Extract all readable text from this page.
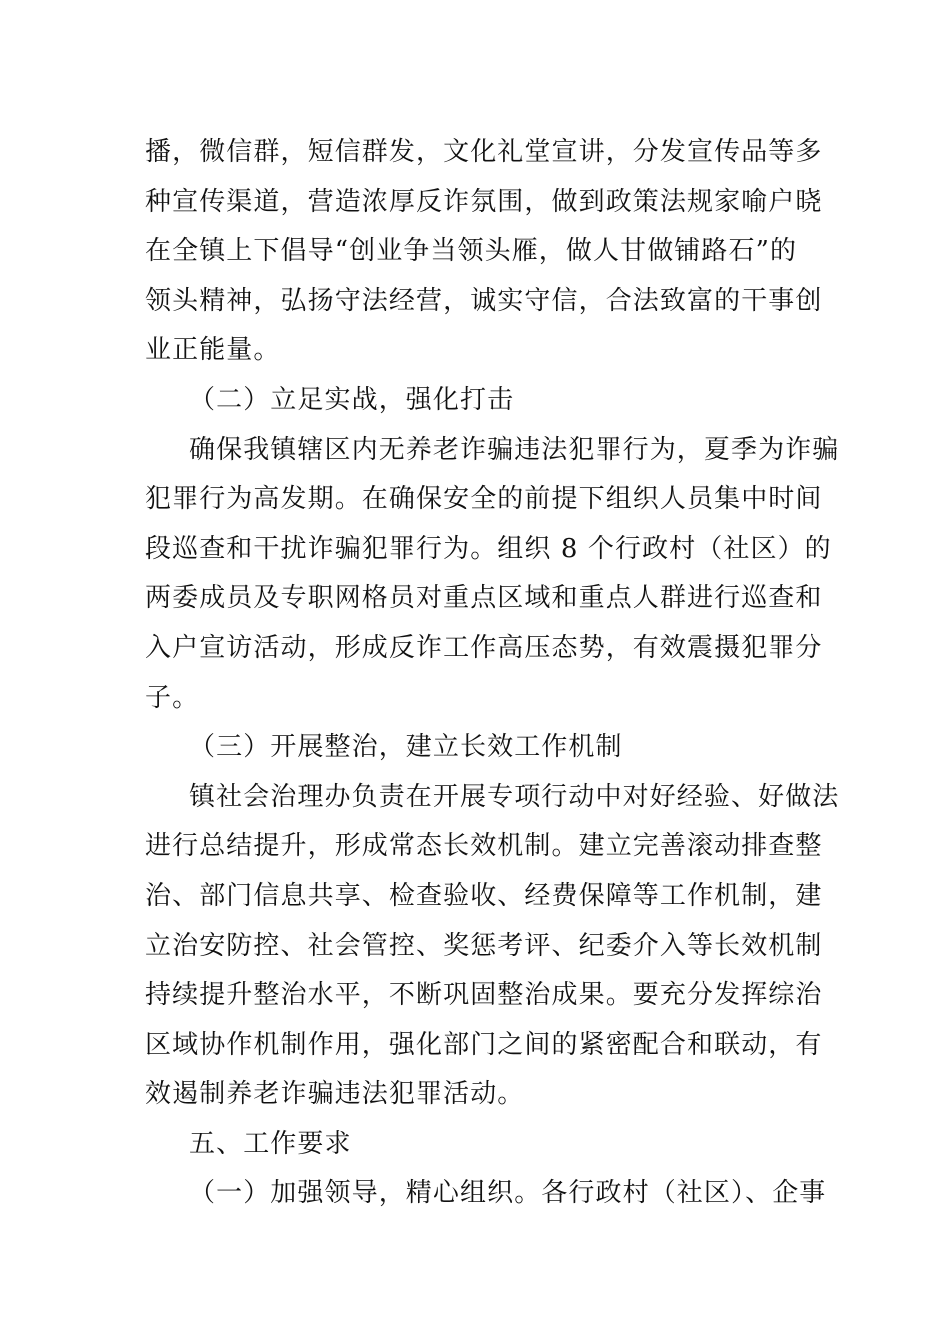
播，微信群，短信群发，文化礼堂宣讲，分发宣传品等多
种宣传渠道，营造浓厚反诈氛围，做到政策法规家喻户晓
在全镇上下倡导“创业争当领头雁，做人甘做铺路石”的
领头精神，弘扬守法经营，诚实守信，合法致富的干事创
业正能量。
（二）立足实战，强化打击
确保我镇辖区内无养老诈骗违法犯罪行为，夏季为诈骗
犯罪行为高发期。在确保安全的前提下组织人员集中时间
段巡查和干扰诈骗犯罪行为。组织 8 个行政村（社区）的
两委成员及专职网格员对重点区域和重点人群进行巡查和
入户宣访活动，形成反诈工作高压态势，有效震摄犯罪分
子。
（三）开展整治，建立长效工作机制
镇社会治理办负责在开展专项行动中对好经验、好做法
进行总结提升，形成常态长效机制。建立完善滚动排查整
治、部门信息共享、检查验收、经费保障等工作机制，建
立治安防控、社会管控、奖惩考评、纪委介入等长效机制
持续提升整治水平，不断巩固整治成果。要充分发挥综治
区域协作机制作用，强化部门之间的紧密配合和联动，有
效遏制养老诈骗违法犯罪活动。
五、工作要求
（一）加强领导，精心组织。各行政村（社区）、企事
